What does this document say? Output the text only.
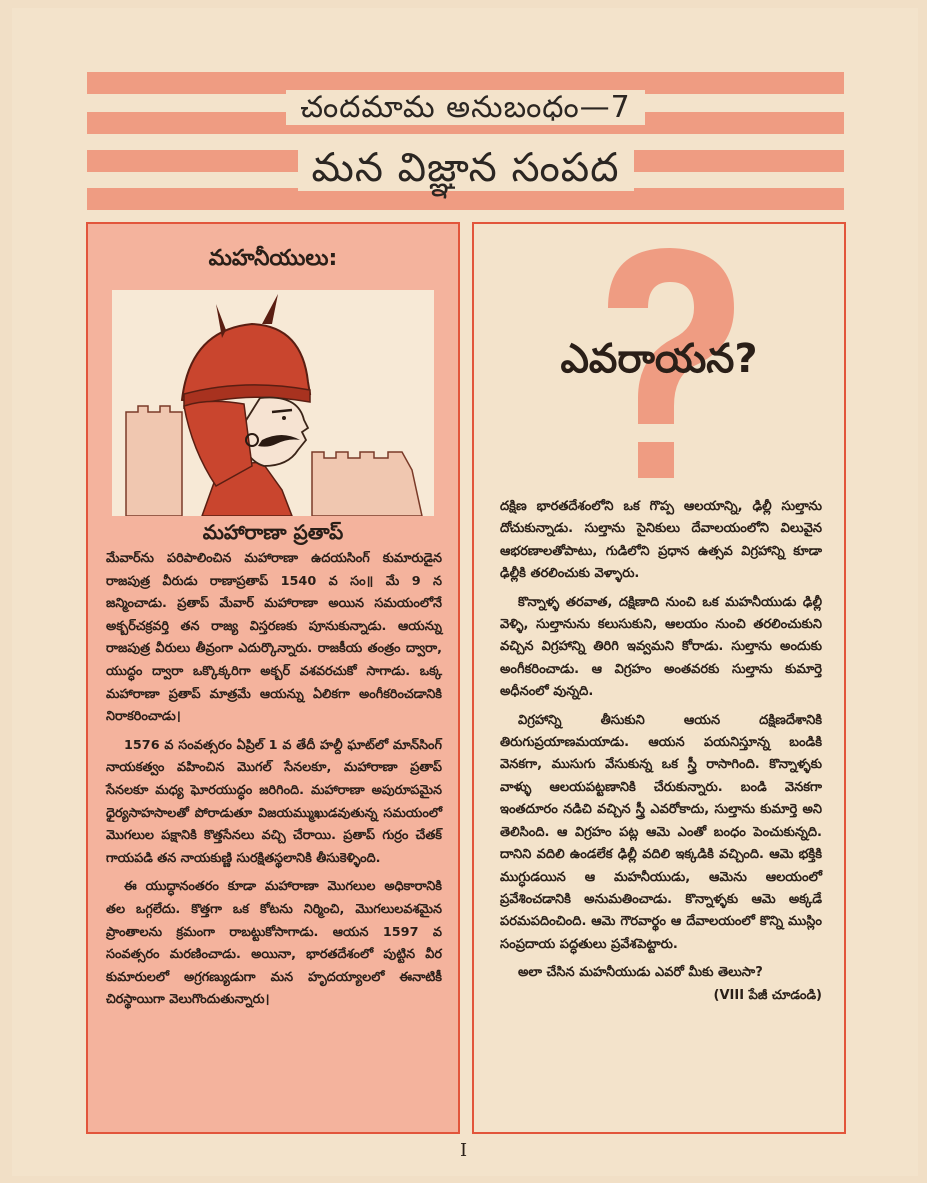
చందమామ అనుబంధం—7
మన విజ్ఞాన సంపద
మహనీయులు:
మహారాణా ప్రతాప్

మేవార్‌ను పరిపాలించిన మహారాణా ఉదయసింగ్ కుమారుడైన రాజపుత్ర వీరుడు రాణాప్రతాప్ 1540 వ సం॥ మే 9 న జన్మించాడు. ప్రతాప్ మేవార్ మహారాణా అయిన సమయంలోనే అక్బర్‌చక్రవర్తి తన రాజ్య విస్తరణకు పూనుకున్నాడు. ఆయన్ను రాజపుత్ర వీరులు తీవ్రంగా ఎదుర్కొన్నారు. రాజకీయ తంత్రం ద్వారా, యుద్ధం ద్వారా ఒక్కొక్కరిగా అక్బర్ వశవరచుకో సాగాడు. ఒక్క మహారాణా ప్రతాప్ మాత్రమే ఆయన్ను ఏలికగా అంగీకరించడానికి నిరాకరించాడు।

1576 వ సంవత్సరం ఏప్రిల్ 1 వ తేదీ హల్దీ ఘాట్‌లో మాన్‌సింగ్ నాయకత్వం వహించిన మొగల్ సేనలకూ, మహారాణా ప్రతాప్ సేనలకూ మధ్య ఘోరయుద్ధం జరిగింది. మహారాణా అపురూపమైన ధైర్యసాహసాలతో పోరాడుతూ విజయమ్ముఖుడవుతున్న సమయంలో మొగలుల పక్షానికి కొత్తసేనలు వచ్చి చేరాయి. ప్రతాప్ గుర్రం చేతక్ గాయపడి తన నాయకుణ్ణి సురక్షితస్థలానికి తీసుకెళ్ళింది.

ఈ యుద్ధానంతరం కూడా మహారాణా మొగలుల అధికారానికి తల ఒగ్గలేదు. కొత్తగా ఒక కోటను నిర్మించి, మొగలులవశమైన ప్రాంతాలను క్రమంగా రాబట్టుకోసాగాడు. ఆయన 1597 వ సంవత్సరం మరణించాడు. అయినా, భారతదేశంలో పుట్టిన వీర కుమారులలో అగ్రగణ్యుడుగా మన హృదయ్యాలలో ఈనాటికీ చిరస్థాయిగా వెలుగొందుతున్నారు।

ఎవరాయన?

దక్షిణ భారతదేశంలోని ఒక గొప్ప ఆలయాన్ని, ఢిల్లీ సుల్తాను దోచుకున్నాడు. సుల్తాను సైనికులు దేవాలయంలోని విలువైన ఆభరణాలతోపాటు, గుడిలోని ప్రధాన ఉత్సవ విగ్రహాన్ని కూడా ఢిల్లీకి తరలించుకు వెళ్ళారు.

కొన్నాళ్ళ తరవాత, దక్షిణాది నుంచి ఒక మహనీయుడు ఢిల్లీ వెళ్ళి, సుల్తానును కలుసుకుని, ఆలయం నుంచి తరలించుకుని వచ్చిన విగ్రహాన్ని తిరిగి ఇవ్వమని కోరాడు. సుల్తాను అందుకు అంగీకరించాడు. ఆ విగ్రహం అంతవరకు సుల్తాను కుమార్తె అధీనంలో వున్నది.

విగ్రహాన్ని తీసుకుని ఆయన దక్షిణదేశానికి తిరుగుప్రయాణమయాడు. ఆయన పయనిస్తూన్న బండికి వెనకగా, ముసుగు వేసుకున్న ఒక స్త్రీ రాసాగింది. కొన్నాళ్ళకు వాళ్ళు ఆలయపట్టణానికి చేరుకున్నారు. బండి వెనకగా ఇంతదూరం నడిచి వచ్చిన స్త్రీ ఎవరోకాదు, సుల్తాను కుమార్తె అని తెలిసింది. ఆ విగ్రహం పట్ల ఆమె ఎంతో బంధం పెంచుకున్నది. దానిని వదిలి ఉండలేక ఢిల్లీ వదిలి ఇక్కడికి వచ్చింది. ఆమె భక్తికి ముగ్ధుడయిన ఆ మహనీయుడు, ఆమెను ఆలయంలో ప్రవేశించడానికి అనుమతించాడు. కొన్నాళ్ళకు ఆమె అక్కడే పరమపదించింది. ఆమె గౌరవార్థం ఆ దేవాలయంలో కొన్ని ముస్లిం సంప్రదాయ పద్ధతులు ప్రవేశపెట్టారు.

అలా చేసిన మహనీయుడు ఎవరో మీకు తెలుసా?
(VIII పేజీ చూడండి)

I
